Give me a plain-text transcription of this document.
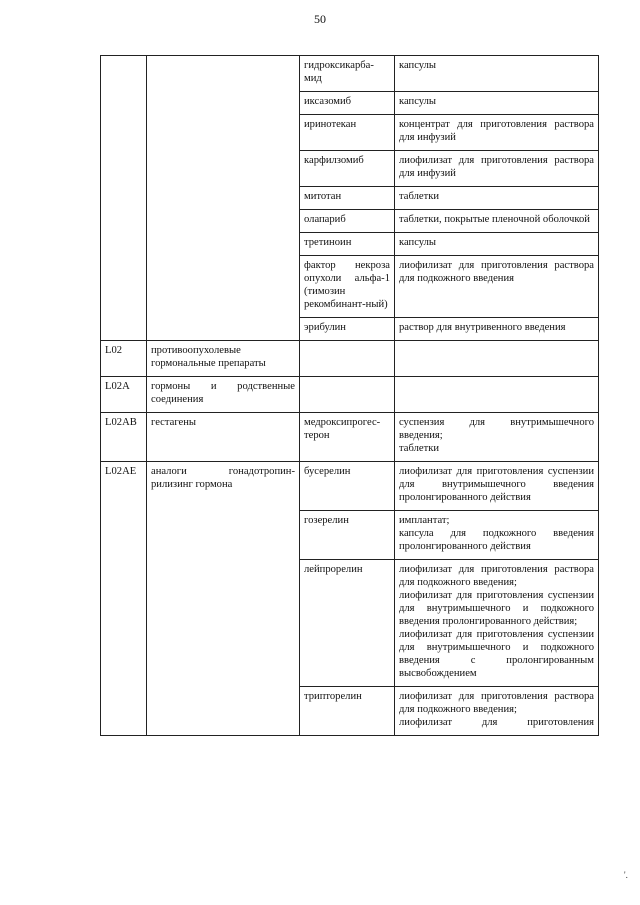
50

		гидроксикарба-
мид	капсулы
		иксазомиб	капсулы
		иринотекан	концентрат для приготовления раствора для инфузий
		карфилзомиб	лиофилизат для приготовления раствора для инфузий
		митотан	таблетки
		олапариб	таблетки, покрытые пленочной оболочкой
		третиноин	капсулы
		фактор некроза опухоли альфа-1 (тимозин рекомбинант-ный)	лиофилизат для приготовления раствора для подкожного введения
		эрибулин	раствор для внутривенного введения
L02	противоопухолевые гормональные препараты		
L02A	гормоны и родственные соединения		
L02AB	гестагены	медроксипрогес-
терон	суспензия для внутримышечного введения;
таблетки

L02AE	аналоги гонадотропин-рилизинг гормона	бусерелин	лиофилизат для приготовления суспензии для внутримышечного введения пролонгированного действия

		гозерелин	имплантат;
капсула для подкожного введения пролонгированного действия

		лейпрорелин	лиофилизат для приготовления раствора для подкожного введения;
лиофилизат для приготовления суспензии для внутримышечного и подкожного введения пролонгированного действия;
лиофилизат для приготовления суспензии для внутримышечного и подкожного введения с пролонгированным высвобождением

		трипторелин	лиофилизат для приготовления раствора для подкожного введения;
лиофилизат для приготовления
'.
